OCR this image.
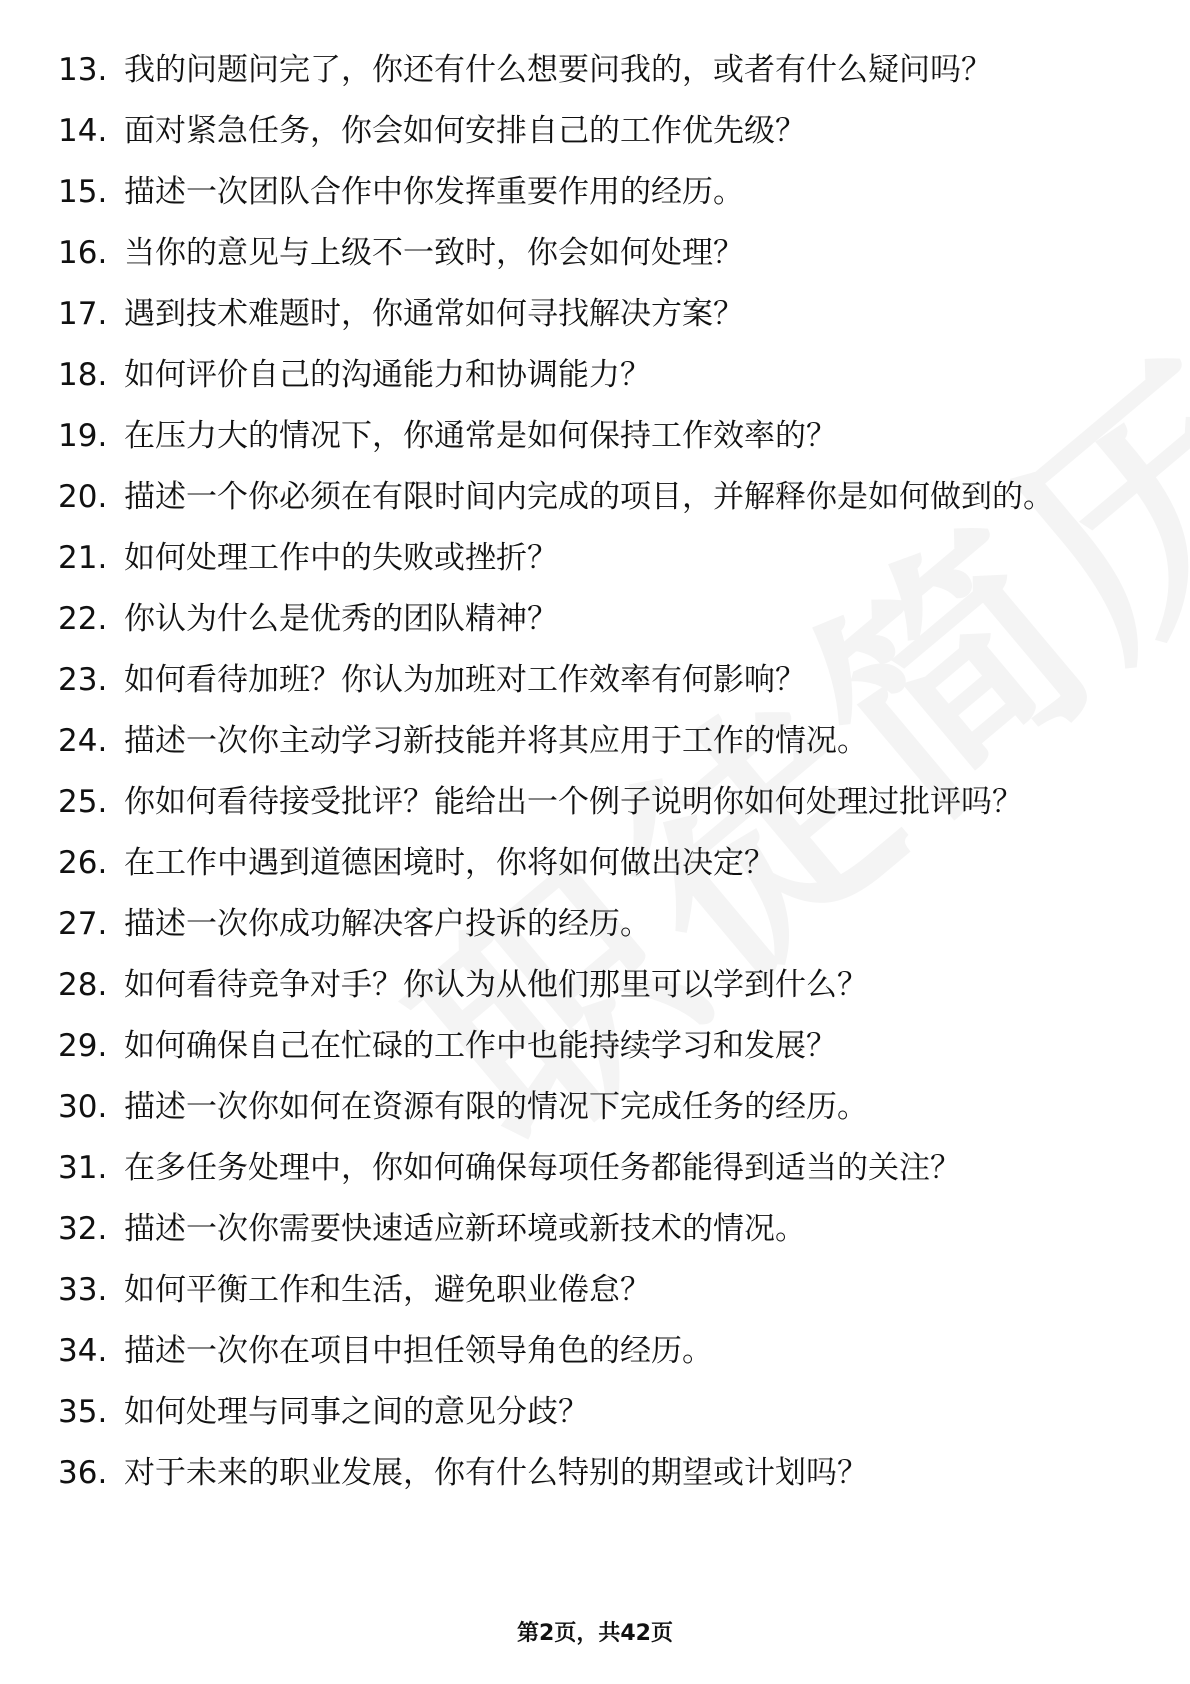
13. 我的问题问完了，你还有什么想要问我的，或者有什么疑问吗？
14. 面对紧急任务，你会如何安排自己的工作优先级？
15. 描述一次团队合作中你发挥重要作用的经历。
16. 当你的意见与上级不一致时，你会如何处理？
17. 遇到技术难题时，你通常如何寻找解决方案？
18. 如何评价自己的沟通能力和协调能力？
19. 在压力大的情况下，你通常是如何保持工作效率的？
20. 描述一个你必须在有限时间内完成的项目，并解释你是如何做到的。
21. 如何处理工作中的失败或挫折？
22. 你认为什么是优秀的团队精神？
23. 如何看待加班？你认为加班对工作效率有何影响？
24. 描述一次你主动学习新技能并将其应用于工作的情况。
25. 你如何看待接受批评？能给出一个例子说明你如何处理过批评吗？
26. 在工作中遇到道德困境时，你将如何做出决定？
27. 描述一次你成功解决客户投诉的经历。
28. 如何看待竞争对手？你认为从他们那里可以学到什么？
29. 如何确保自己在忙碌的工作中也能持续学习和发展？
30. 描述一次你如何在资源有限的情况下完成任务的经历。
31. 在多任务处理中，你如何确保每项任务都能得到适当的关注？
32. 描述一次你需要快速适应新环境或新技术的情况。
33. 如何平衡工作和生活，避免职业倦怠？
34. 描述一次你在项目中担任领导角色的经历。
35. 如何处理与同事之间的意见分歧？
36. 对于未来的职业发展，你有什么特别的期望或计划吗？
第2页，共42页
